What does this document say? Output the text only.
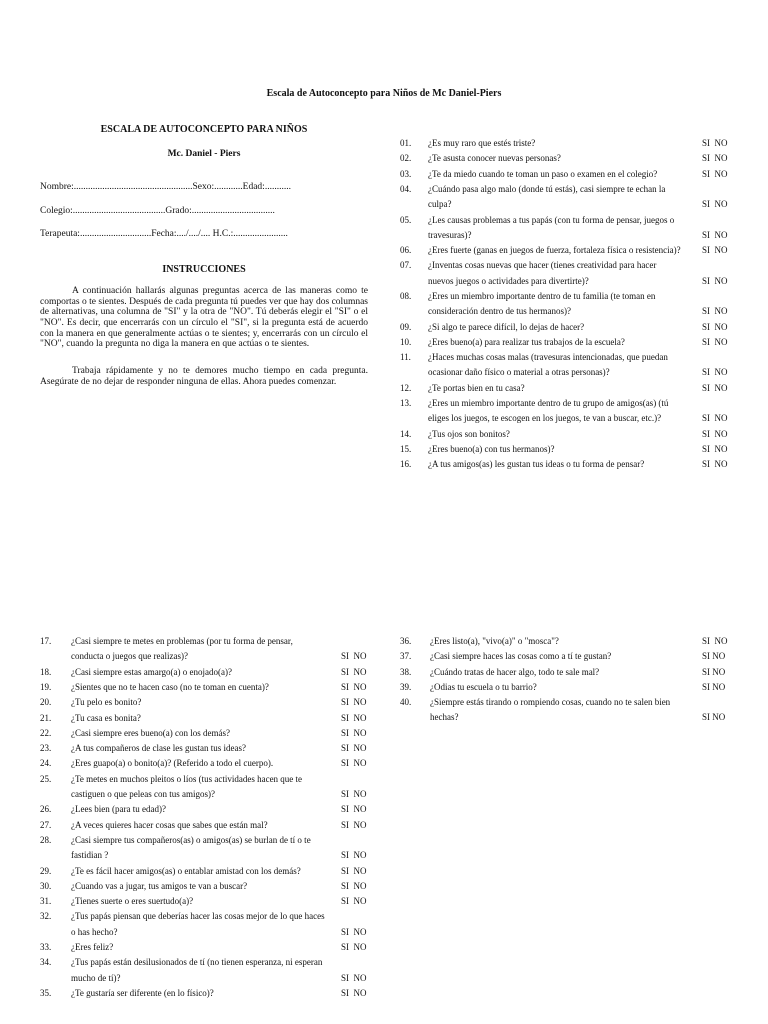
Escala de Autoconcepto para Niños de Mc Daniel-Piers
ESCALA DE AUTOCONCEPTO PARA NIÑOS
Mc. Daniel - Piers
Nombre:..................................................Sexo:............Edad:...........
Colegio:.......................................Grado:...................................
Terapeuta:..............................Fecha:..../..../.... H.C.:.......................
INSTRUCCIONES

A continuación hallarás algunas preguntas acerca de las maneras como te comportas o te sientes. Después de cada pregunta tú puedes ver que hay dos columnas de alternativas, una columna de "SI" y la otra de "NO". Tú deberás elegir el "SI" o el "NO". Es decir, que encerrarás con un círculo el "SI", si la pregunta está de acuerdo con la manera en que generalmente actúas o te sientes; y, encerrarás con un círculo el "NO", cuando la pregunta no diga la manera en que actúas o te sientes.

Trabaja rápidamente y no te demores mucho tiempo en cada pregunta. Asegúrate de no dejar de responder ninguna de ellas. Ahora puedes comenzar.

01. ¿Es muy raro que estés triste?	SI  NO
02. ¿Te asusta conocer nuevas personas?	SI  NO
03. ¿Te da miedo cuando te toman un paso o examen en el colegio?	SI  NO
04. ¿Cuándo pasa algo malo (donde tú estás), casi siempre te echan la
culpa?	SI  NO
05. ¿Les causas problemas a tus papás (con tu forma de pensar, juegos o
travesuras)?	SI  NO
06. ¿Eres fuerte (ganas en juegos de fuerza, fortaleza física o resistencia)?	SI  NO
07. ¿Inventas cosas nuevas que hacer (tienes creatividad para hacer
nuevos juegos o actividades para divertirte)?	SI  NO
08. ¿Eres un miembro importante dentro de tu familia (te toman en
consideración dentro de tus hermanos)?	SI  NO
09. ¿Si algo te parece difícil, lo dejas de hacer?	SI  NO
10. ¿Eres bueno(a) para realizar tus trabajos de la escuela?	SI  NO
11. ¿Haces muchas cosas malas (travesuras intencionadas, que puedan
ocasionar daño físico o material a otras personas)?	SI  NO
12. ¿Te portas bien en tu casa?	SI  NO
13. ¿Eres un miembro importante dentro de tu grupo de amigos(as) (tú
eliges los juegos, te escogen en los juegos, te van a buscar, etc.)?	SI  NO
14. ¿Tus ojos son bonitos?	SI  NO
15. ¿Eres bueno(a) con tus hermanos)?	SI  NO
16. ¿A tus amigos(as) les gustan tus ideas o tu forma de pensar?	SI  NO
17. ¿Casi siempre te metes en problemas (por tu forma de pensar,
conducta o juegos que realizas)?	SI  NO
18. ¿Casi siempre estas amargo(a) o enojado(a)?	SI  NO
19. ¿Sientes que no te hacen caso (no te toman en cuenta)?	SI  NO
20. ¿Tu pelo es bonito?	SI  NO
21. ¿Tu casa es bonita?	SI  NO
22. ¿Casi siempre eres bueno(a) con los demás?	SI  NO
23. ¿A tus compañeros de clase les gustan tus ideas?	SI  NO
24. ¿Eres guapo(a) o bonito(a)? (Referido a todo el cuerpo).	SI  NO
25. ¿Te metes en muchos pleitos o líos (tus actividades hacen que te
castiguen o que peleas con tus amigos)?	SI  NO
26. ¿Lees bien (para tu edad)?	SI  NO
27. ¿A veces quieres hacer cosas que sabes que están mal?	SI  NO
28. ¿Casi siempre tus compañeros(as) o amigos(as) se burlan de tí o te
fastidian ?	SI  NO
29. ¿Te es fácil hacer amigos(as) o entablar amistad con los demás?	SI  NO
30. ¿Cuando vas a jugar, tus amigos te van a buscar?	SI  NO
31. ¿Tienes suerte o eres suertudo(a)?	SI  NO
32. ¿Tus papás piensan que deberías hacer las cosas mejor de lo que haces
o has hecho?	SI  NO
33. ¿Eres feliz?	SI  NO
34. ¿Tus papás están desilusionados de tí (no tienen esperanza, ni esperan
mucho de tí)?	SI  NO
35. ¿Te gustaría ser diferente (en lo físico)?	SI  NO
36. ¿Eres listo(a), "vivo(a)" o "mosca"?	SI  NO
37. ¿Casi siempre haces las cosas como a tí te gustan?	SI NO
38. ¿Cuándo tratas de hacer algo, todo te sale mal?	SI NO
39. ¿Odias tu escuela o tu barrio?	SI NO
40. ¿Siempre estás tirando o rompiendo cosas, cuando no te salen bien
hechas?	SI NO
